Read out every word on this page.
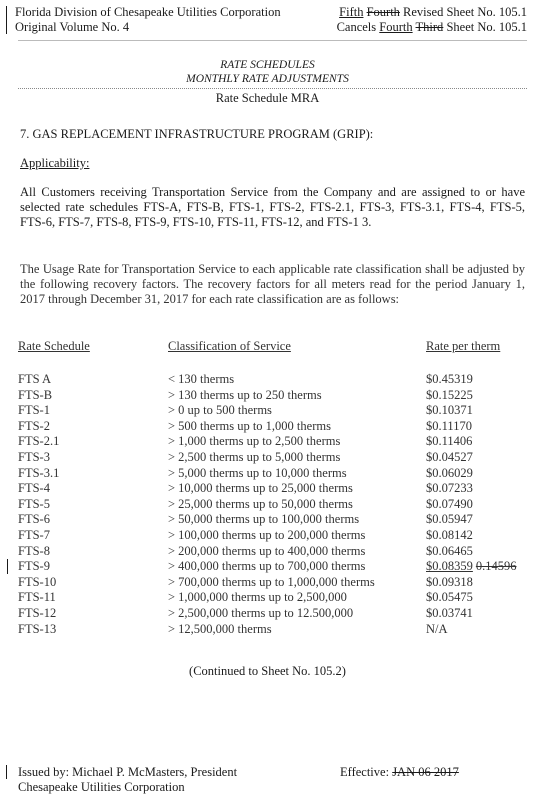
Florida Division of Chesapeake Utilities Corporation
Original Volume No. 4
Fifth Fourth Revised Sheet No. 105.1
Cancels Fourth Third Sheet No. 105.1
RATE SCHEDULES
MONTHLY RATE ADJUSTMENTS
Rate Schedule MRA
7. GAS REPLACEMENT INFRASTRUCTURE PROGRAM (GRIP):
Applicability:
All Customers receiving Transportation Service from the Company and are assigned to or have selected rate schedules FTS-A, FTS-B, FTS-1, FTS-2, FTS-2.1, FTS-3, FTS-3.1, FTS-4, FTS-5, FTS-6, FTS-7, FTS-8, FTS-9, FTS-10, FTS-11, FTS-12, and FTS-1 3.
The Usage Rate for Transportation Service to each applicable rate classification shall be adjusted by the following recovery factors. The recovery factors for all meters read for the period January 1, 2017 through December 31, 2017 for each rate classification are as follows:
Rate Schedule	Classification of Service	Rate per therm
FTS A	< 130 therms	$0.45319
FTS-B	> 130 therms up to 250 therms	$0.15225
FTS-1	> 0 up to 500 therms	$0.10371
FTS-2	> 500 therms up to 1,000 therms	$0.11170
FTS-2.1	> 1,000 therms up to 2,500 therms	$0.11406
FTS-3	> 2,500 therms up to 5,000 therms	$0.04527
FTS-3.1	> 5,000 therms up to 10,000 therms	$0.06029
FTS-4	> 10,000 therms up to 25,000 therms	$0.07233
FTS-5	> 25,000 therms up to 50,000 therms	$0.07490
FTS-6	> 50,000 therms up to 100,000 therms	$0.05947
FTS-7	> 100,000 therms up to 200,000 therms	$0.08142
FTS-8	> 200,000 therms up to 400,000 therms	$0.06465
FTS-9	> 400,000 therms up to 700,000 therms	$0.08359 0.14596
FTS-10	> 700,000 therms up to 1,000,000 therms	$0.09318
FTS-11	> 1,000,000 therms up to 2,500,000	$0.05475
FTS-12	> 2,500,000 therms up to 12.500,000	$0.03741
FTS-13	> 12,500,000 therms	N/A
(Continued to Sheet No. 105.2)
Issued by: Michael P. McMasters, President
Chesapeake Utilities Corporation
Effective: JAN 06 2017
